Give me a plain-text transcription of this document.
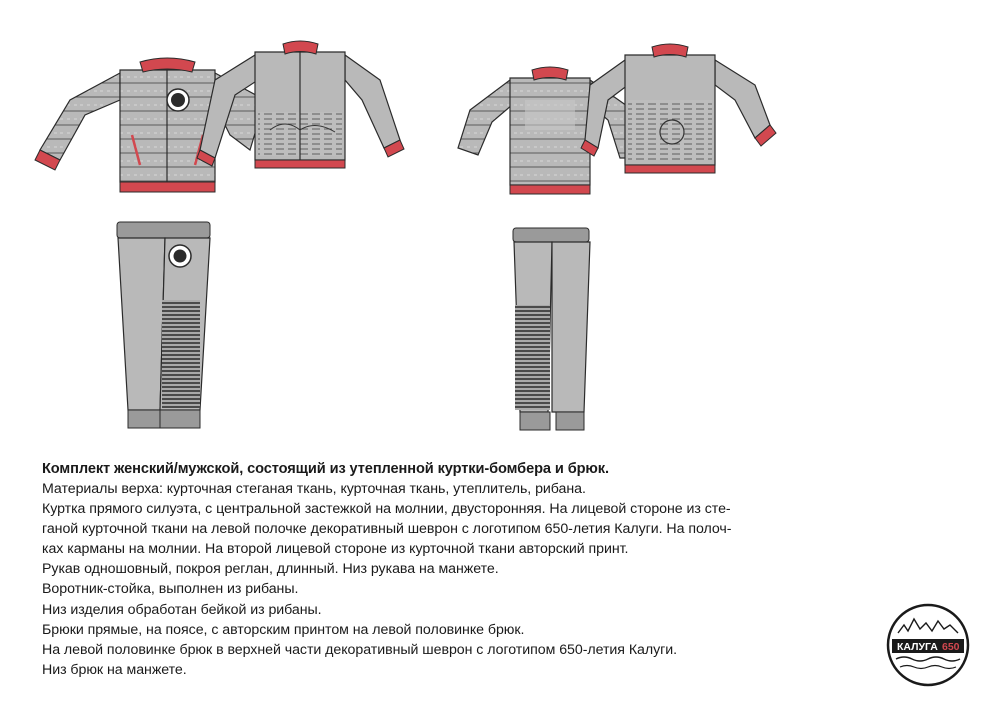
Комплект женский/мужской, состоящий из утепленной куртки-бомбера и брюк.

Материалы верха: курточная стеганая ткань, курточная ткань, утеплитель, рибана.

Куртка прямого силуэта, с центральной застежкой на молнии, двусторонняя. На лицевой стороне из сте-

ганой курточной ткани на левой полочке декоративный шеврон с логотипом 650-летия Калуги. На полоч-

ках карманы на молнии. На второй лицевой стороне из курточной ткани авторский принт.

Рукав одношовный, покроя реглан, длинный. Низ рукава на манжете.

Воротник-стойка, выполнен из рибаны.

Низ изделия обработан бейкой из рибаны.

Брюки прямые, на поясе, с авторским принтом на левой половинке брюк.

На левой половинке брюк в верхней части декоративный шеврон с логотипом 650-летия Калуги.

Низ брюк на манжете.

КАЛУГА 650
